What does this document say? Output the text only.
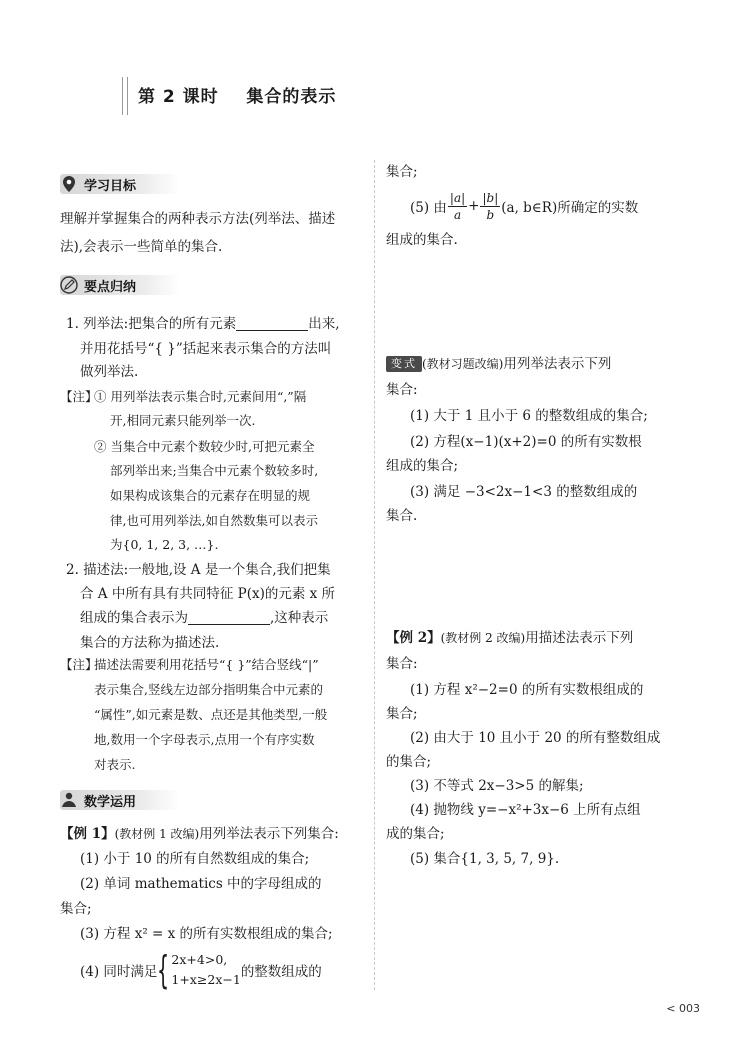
第 2 课时    集合的表示
学习目标
理解并掌握集合的两种表示方法(列举法、描述
法),会表示一些简单的集合.
要点归纳
1. 列举法:把集合的所有元素	出来,
并用花括号“{ }”括起来表示集合的方法叫
做列举法.
【注】
① 用列举法表示集合时,元素间用“,”隔
开,相同元素只能列举一次.
② 当集合中元素个数较少时,可把元素全
部列举出来;当集合中元素个数较多时,
如果构成该集合的元素存在明显的规
律,也可用列举法,如自然数集可以表示
为{0, 1, 2, 3, …}.
2. 描述法:一般地,设 A 是一个集合,我们把集
合 A 中所有具有共同特征 P(x)的元素 x 所
组成的集合表示为	,这种表示
集合的方法称为描述法.
【注】
描述法需要利用花括号“{ }”结合竖线“|”
表示集合,竖线左边部分指明集合中元素的
“属性”,如元素是数、点还是其他类型,一般
地,数用一个字母表示,点用一个有序实数
对表示.
数学运用
【例 1】(教材例 1 改编)用列举法表示下列集合:
(1) 小于 10 的所有自然数组成的集合;
(2) 单词 mathematics 中的字母组成的
集合;
(3) 方程 x² = x 的所有实数根组成的集合;
(4) 同时满足 { 2x+4>0,
1+x≥2x−1 的整数组成的
集合;
(5) 由 $\frac{|a|}{a} + \frac{|b|}{b} (a$, b∈R)所确定的实数
组成的集合.
变式 (教材习题改编)用列举法表示下列
集合:
(1) 大于 1 且小于 6 的整数组成的集合;
(2) 方程(x−1)(x+2)=0 的所有实数根
组成的集合;
(3) 满足 −3<2x−1<3 的整数组成的
集合.
【例 2】(教材例 2 改编)用描述法表示下列
集合:
(1) 方程 x²−2=0 的所有实数根组成的
集合;
(2) 由大于 10 且小于 20 的所有整数组成
的集合;
(3) 不等式 2x−3>5 的解集;
(4) 抛物线 y=−x²+3x−6 上所有点组
成的集合;
(5) 集合{1, 3, 5, 7, 9}.
< 003
